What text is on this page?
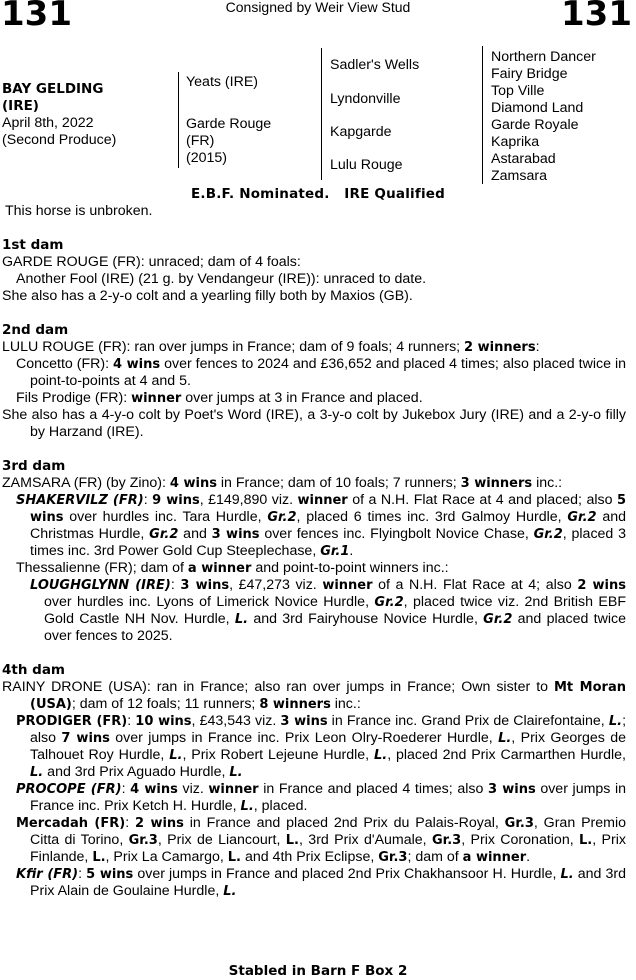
131	Consigned by Weir View Stud	131
BAY GELDING
(IRE)
April 8th, 2022
(Second Produce)
Yeats (IRE)
Garde Rouge
(FR)
(2015)
Sadler's Wells
Lyndonville
Kapgarde
Lulu Rouge
Northern Dancer
Fairy Bridge
Top Ville
Diamond Land
Garde Royale
Kaprika
Astarabad
Zamsara
E.B.F. Nominated.   IRE Qualified

This horse is unbroken.

1st dam

GARDE ROUGE (FR): unraced; dam of 4 foals:

Another Fool (IRE) (21 g. by Vendangeur (IRE)): unraced to date.

She also has a 2-y-o colt and a yearling filly both by Maxios (GB).

2nd dam

LULU ROUGE (FR): ran over jumps in France; dam of 9 foals; 4 runners; 2 winners:

Concetto (FR): 4 wins over fences to 2024 and £36,652 and placed 4 times; also placed twice in point-to-points at 4 and 5.

Fils Prodige (FR): winner over jumps at 3 in France and placed.

She also has a 4-y-o colt by Poet's Word (IRE), a 3-y-o colt by Jukebox Jury (IRE) and a 2-y-o filly by Harzand (IRE).

3rd dam

ZAMSARA (FR) (by Zino): 4 wins in France; dam of 10 foals; 7 runners; 3 winners inc.:

SHAKERVILZ (FR): 9 wins, £149,890 viz. winner of a N.H. Flat Race at 4 and placed; also 5 wins over hurdles inc. Tara Hurdle, Gr.2, placed 6 times inc. 3rd Galmoy Hurdle, Gr.2 and Christmas Hurdle, Gr.2 and 3 wins over fences inc. Flyingbolt Novice Chase, Gr.2, placed 3 times inc. 3rd Power Gold Cup Steeplechase, Gr.1.

Thessalienne (FR); dam of a winner and point-to-point winners inc.:

LOUGHGLYNN (IRE): 3 wins, £47,273 viz. winner of a N.H. Flat Race at 4; also 2 wins over hurdles inc. Lyons of Limerick Novice Hurdle, Gr.2, placed twice viz. 2nd British EBF Gold Castle NH Nov. Hurdle, L. and 3rd Fairyhouse Novice Hurdle, Gr.2 and placed twice over fences to 2025.

4th dam

RAINY DRONE (USA): ran in France; also ran over jumps in France; Own sister to Mt Moran (USA); dam of 12 foals; 11 runners; 8 winners inc.:

PRODIGER (FR): 10 wins, £43,543 viz. 3 wins in France inc. Grand Prix de Clairefontaine, L.; also 7 wins over jumps in France inc. Prix Leon Olry-Roederer Hurdle, L., Prix Georges de Talhouet Roy Hurdle, L., Prix Robert Lejeune Hurdle, L., placed 2nd Prix Carmarthen Hurdle, L. and 3rd Prix Aguado Hurdle, L.

PROCOPE (FR): 4 wins viz. winner in France and placed 4 times; also 3 wins over jumps in France inc. Prix Ketch H. Hurdle, L., placed.

Mercadah (FR): 2 wins in France and placed 2nd Prix du Palais-Royal, Gr.3, Gran Premio Citta di Torino, Gr.3, Prix de Liancourt, L., 3rd Prix d'Aumale, Gr.3, Prix Coronation, L., Prix Finlande, L., Prix La Camargo, L. and 4th Prix Eclipse, Gr.3; dam of a winner.

Kfir (FR): 5 wins over jumps in France and placed 2nd Prix Chakhansoor H. Hurdle, L. and 3rd Prix Alain de Goulaine Hurdle, L.

Stabled in Barn F Box 2
